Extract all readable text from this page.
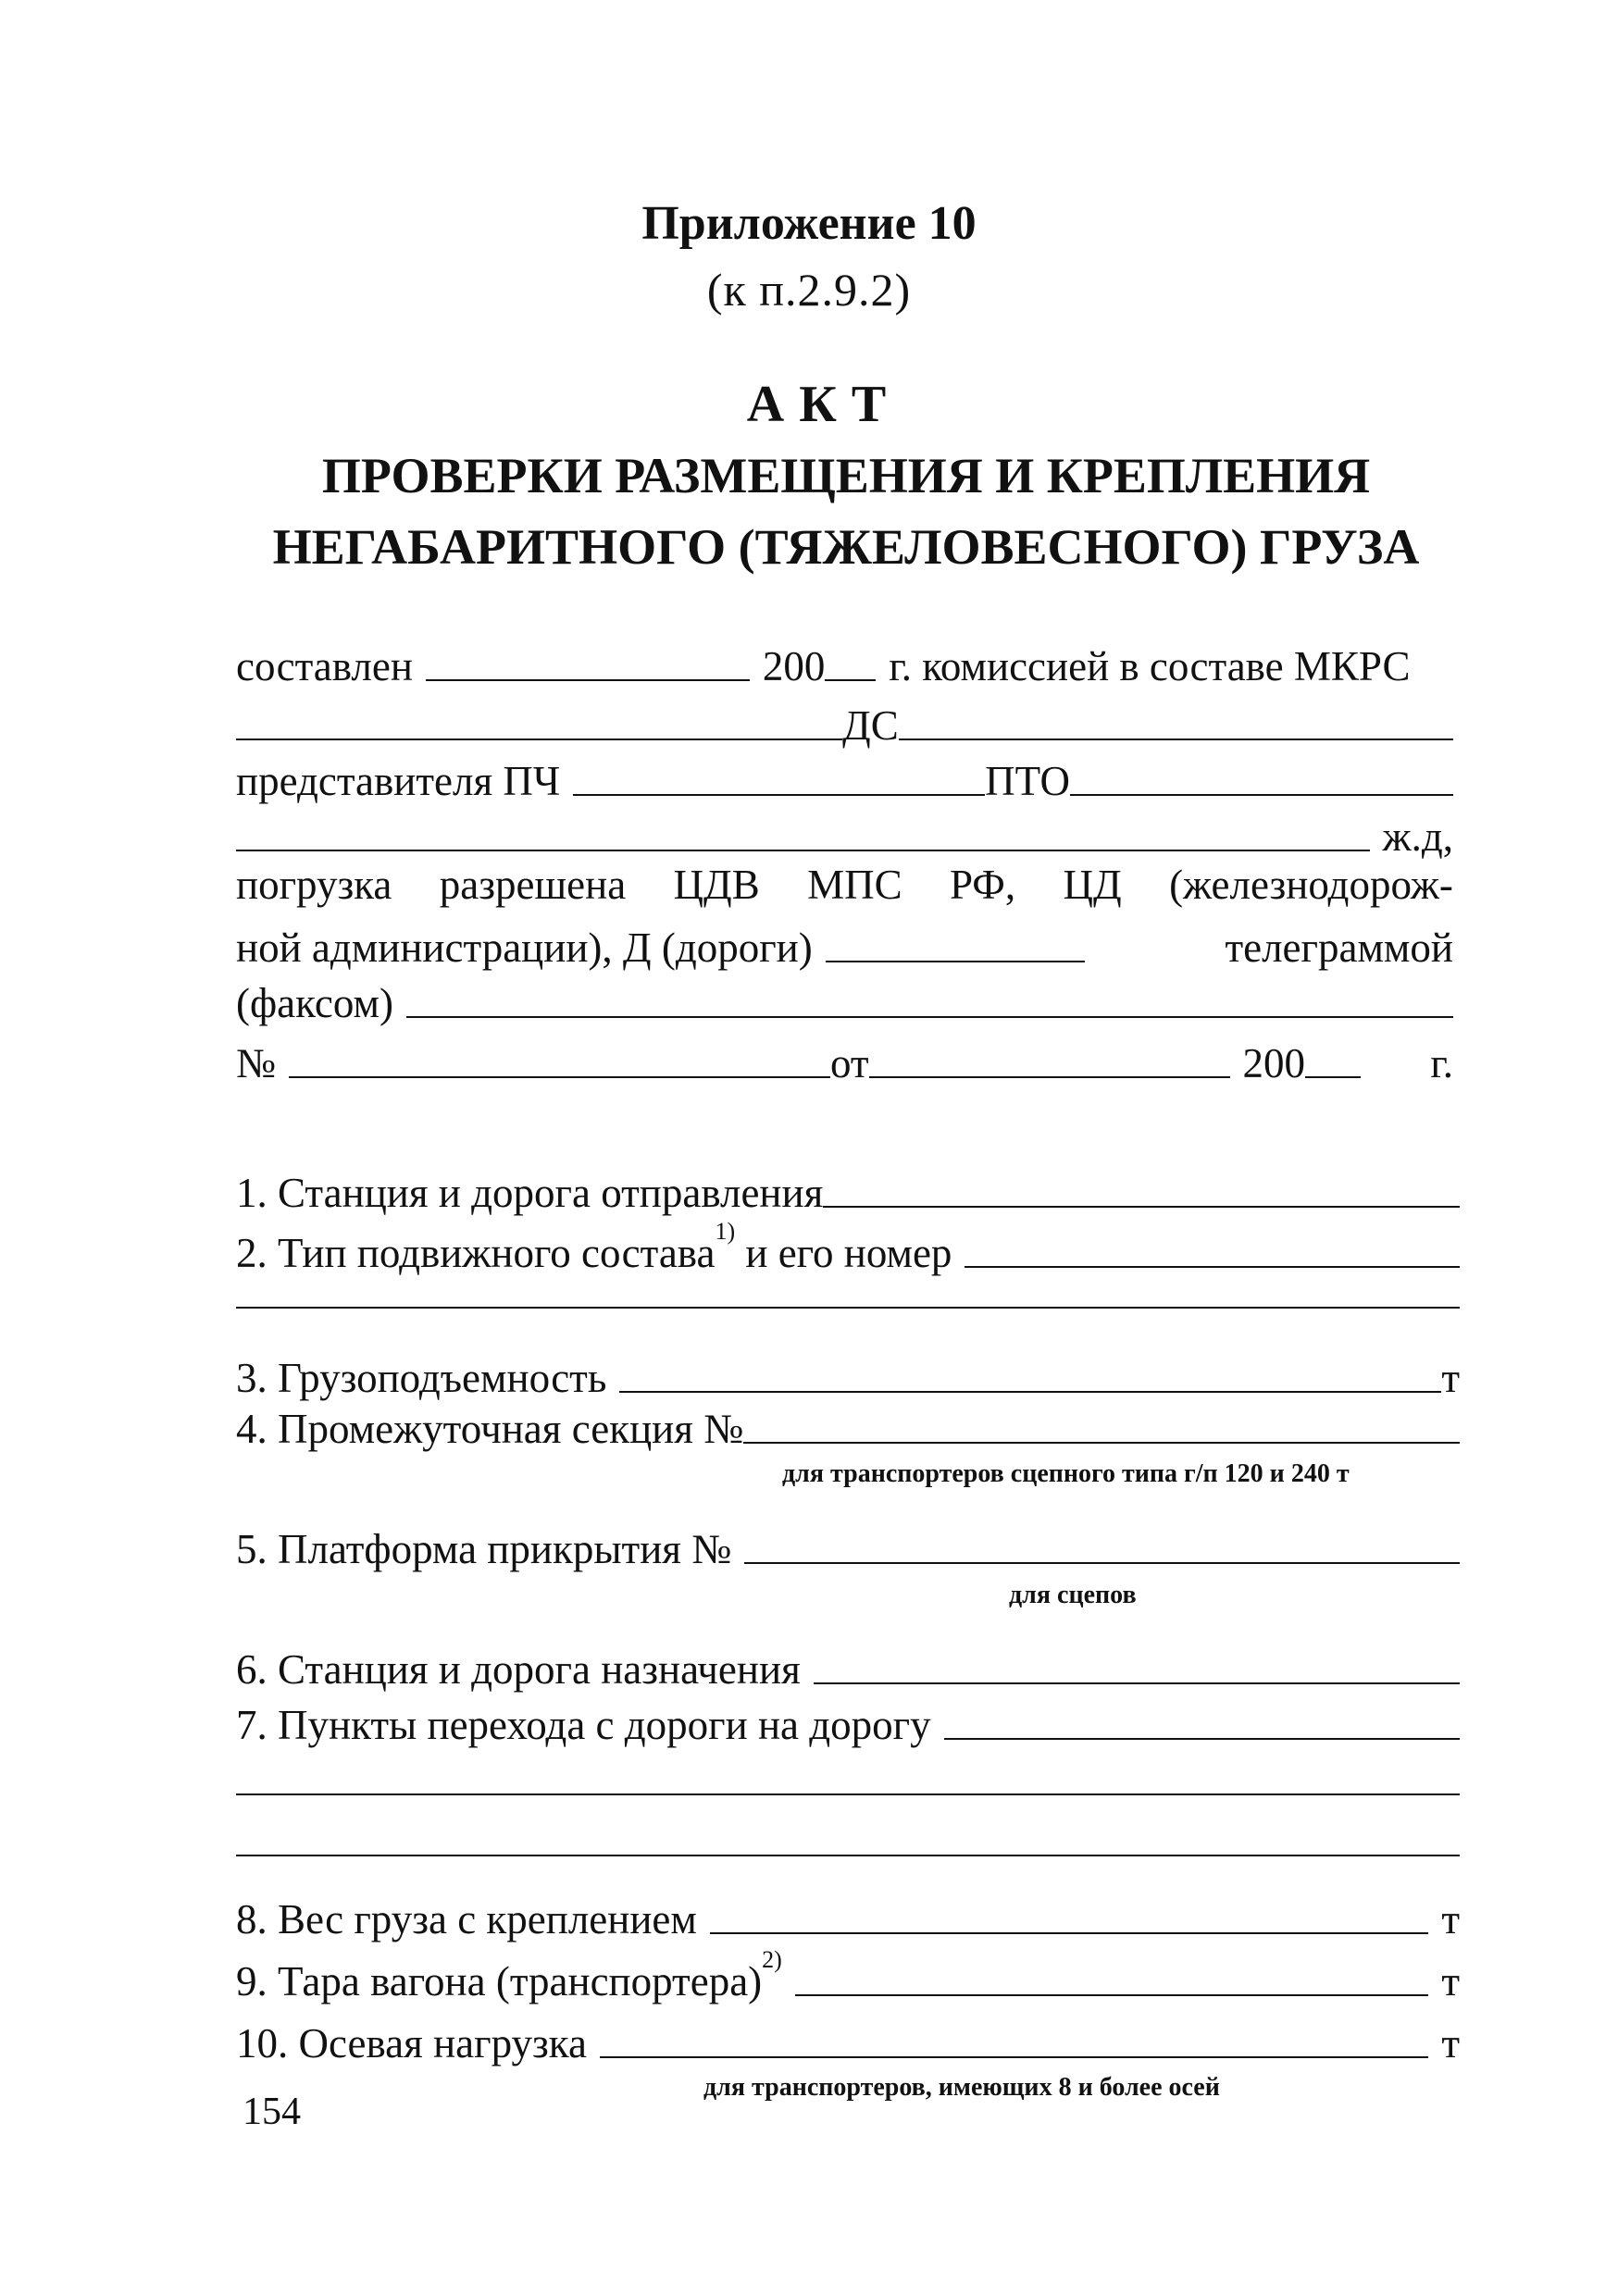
Приложение 10
(к п.2.9.2)
АКТ
ПРОВЕРКИ РАЗМЕЩЕНИЯ И КРЕПЛЕНИЯ
НЕГАБАРИТНОГО (ТЯЖЕЛОВЕСНОГО) ГРУЗА
составлен	200 г. комиссией в составе МКРС
ДС
представителя ПЧ	ПТО
ж.д,
погрузка разрешена ЦДВ МПС РФ, ЦД (железнодорож-
ной администрации), Д (дороги)	телеграммой
(факсом)
№	от	200	г.
1. Станция и дорога отправления
2. Тип подвижного состава$^{1)}$ и его номер
3. Грузоподъемность	т
4. Промежуточная секция №
для транспортеров сцепного типа г/п 120 и 240 т
5. Платформа прикрытия №
для сцепов
6. Станция и дорога назначения
7. Пункты перехода с дороги на дорогу
8. Вес груза с креплением	т
9. Тара вагона (транспортера)$^{2)}$	т
10. Осевая нагрузка	т
для транспортеров, имеющих 8 и более осей
154
